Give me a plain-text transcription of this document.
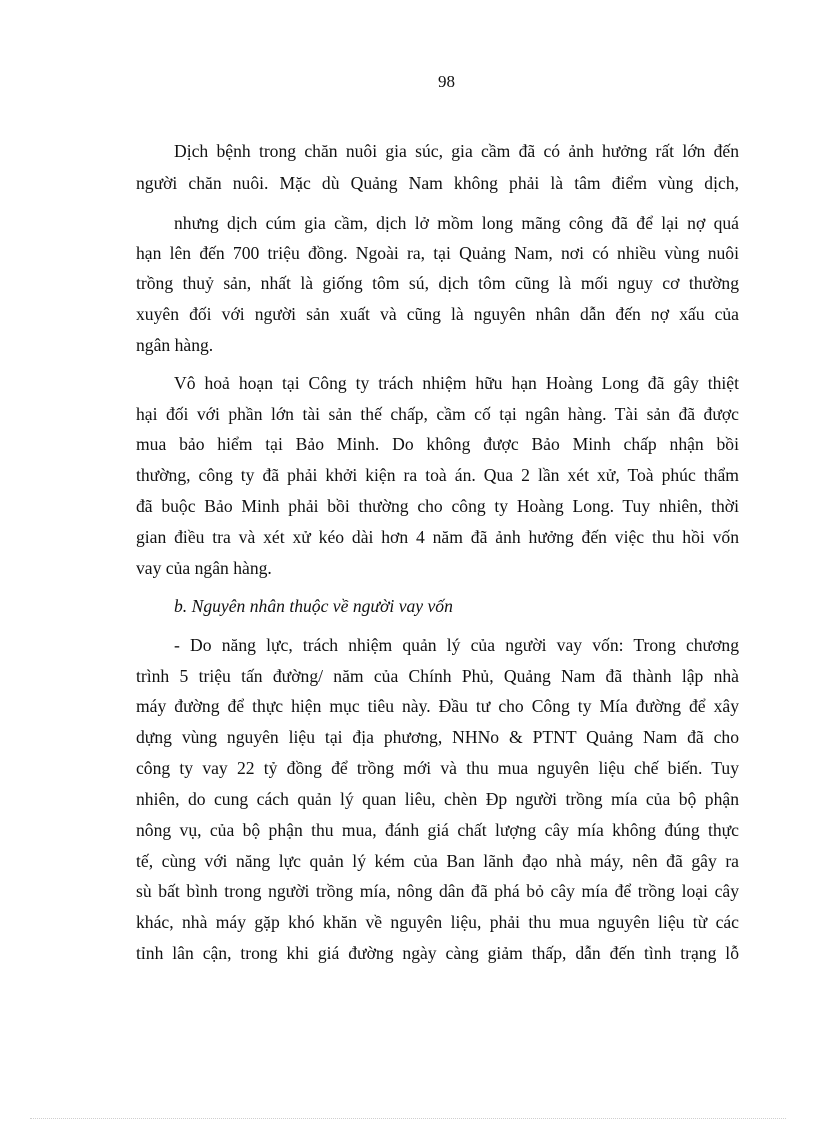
98
Dịch bệnh trong chăn nuôi gia súc, gia cầm đã có ảnh hưởng rất lớn đến
người chăn nuôi. Mặc dù Quảng Nam không phải là tâm điểm vùng dịch,
nhưng dịch cúm gia cầm, dịch lở mồm long mãng công đã để lại nợ quá
hạn lên đến 700 triệu đồng. Ngoài ra, tại Quảng Nam, nơi có nhiều vùng nuôi
trồng thuỷ sản, nhất là giống tôm sú, dịch tôm cũng là mối nguy cơ thường
xuyên đối với người sản xuất và cũng là nguyên nhân dẫn đến nợ xấu của
ngân hàng.
Vô hoả hoạn tại Công ty trách nhiệm hữu hạn Hoàng Long đã gây thiệt
hại đối với phần lớn tài sản thế chấp, cầm cố tại ngân hàng. Tài sản đã được
mua bảo hiểm tại Bảo Minh. Do không được Bảo Minh chấp nhận bồi
thường, công ty đã phải khởi kiện ra toà án. Qua 2 lần xét xử, Toà phúc thẩm
đã buộc Bảo Minh phải bồi thường cho công ty Hoàng Long. Tuy nhiên, thời
gian điều tra và xét xử kéo dài hơn 4 năm đã ảnh hưởng đến việc thu hồi vốn
vay của ngân hàng.
b. Nguyên nhân thuộc về người vay vốn
- Do năng lực, trách nhiệm quản lý của người vay vốn: Trong chương
trình 5 triệu tấn đường/ năm của Chính Phủ, Quảng Nam đã thành lập nhà
máy đường để thực hiện mục tiêu này. Đầu tư cho Công ty Mía đường để xây
dựng vùng nguyên liệu tại địa phương, NHNo & PTNT Quảng Nam đã cho
công ty vay 22 tỷ đồng để trồng mới và thu mua nguyên liệu chế biến. Tuy
nhiên, do cung cách quản lý quan liêu, chèn Ðp người trồng mía của bộ phận
nông vụ, của bộ phận thu mua, đánh giá chất lượng cây mía không đúng thực
tế, cùng với năng lực quản lý kém của Ban lãnh đạo nhà máy, nên đã gây ra
sù bất bình trong người trồng mía, nông dân đã phá bỏ cây mía để trồng loại cây
khác, nhà máy gặp khó khăn về nguyên liệu, phải thu mua nguyên liệu từ các
tỉnh lân cận, trong khi giá đường ngày càng giảm thấp, dẫn đến tình trạng lỗ
